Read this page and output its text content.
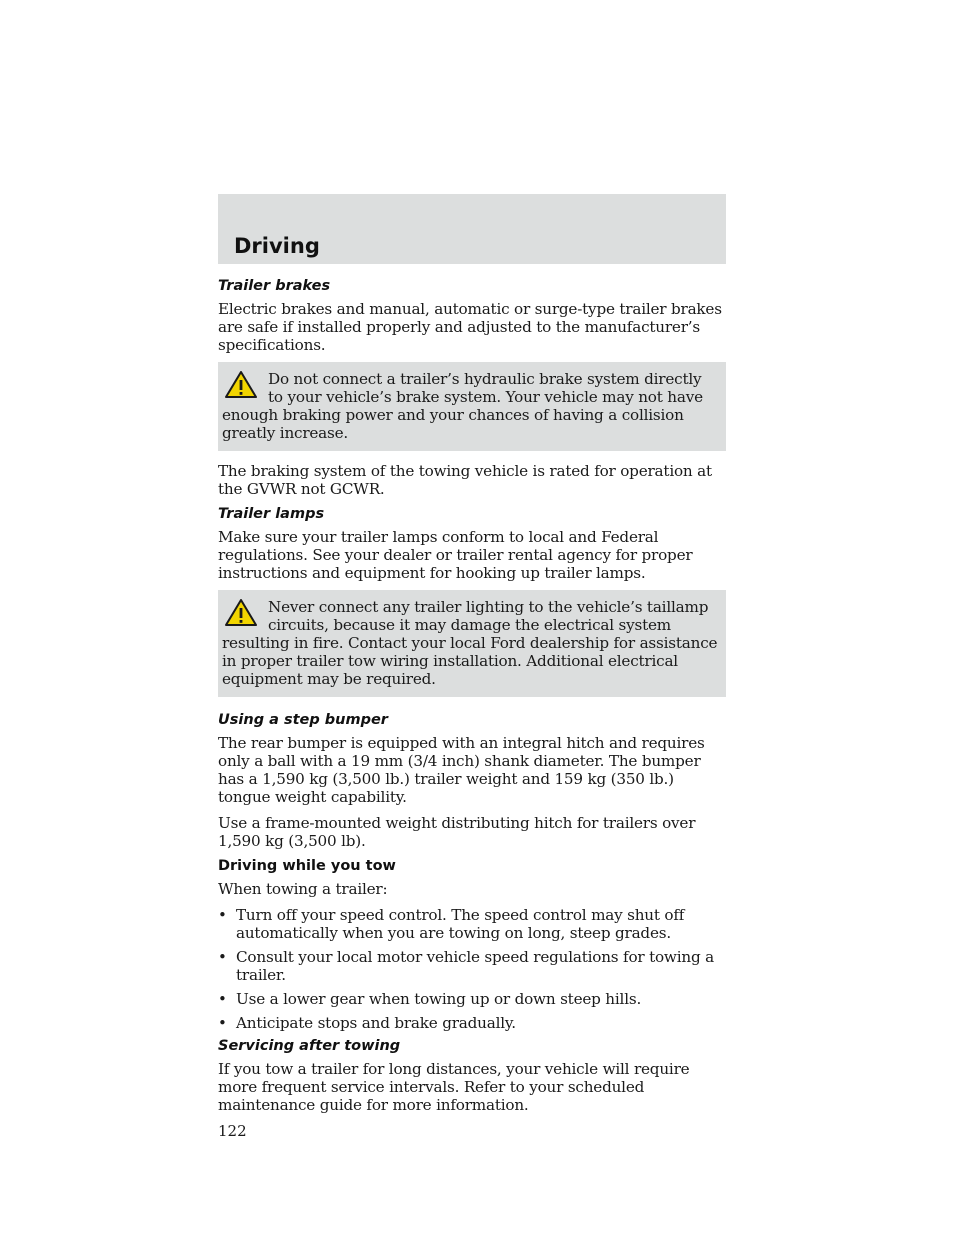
Driving
Trailer brakes

Electric brakes and manual, automatic or surge-type trailer brakes are safe if installed properly and adjusted to the manufacturer’s specifications.

Do not connect a trailer’s hydraulic brake system directly to your vehicle’s brake system. Your vehicle may not have enough braking power and your chances of having a collision greatly increase.

The braking system of the towing vehicle is rated for operation at the GVWR not GCWR.

Trailer lamps

Make sure your trailer lamps conform to local and Federal regulations. See your dealer or trailer rental agency for proper instructions and equipment for hooking up trailer lamps.

Never connect any trailer lighting to the vehicle’s taillamp circuits, because it may damage the electrical system resulting in fire. Contact your local Ford dealership for assistance in proper trailer tow wiring installation. Additional electrical equipment may be required.

Using a step bumper

The rear bumper is equipped with an integral hitch and requires only a ball with a 19 mm (3/4 inch) shank diameter. The bumper has a 1,590 kg (3,500 lb.) trailer weight and 159 kg (350 lb.) tongue weight capability.

Use a frame-mounted weight distributing hitch for trailers over 1,590 kg (3,500 lb).

Driving while you tow

When towing a trailer:

• Turn off your speed control. The speed control may shut off automatically when you are towing on long, steep grades.
• Consult your local motor vehicle speed regulations for towing a trailer.
• Use a lower gear when towing up or down steep hills.
• Anticipate stops and brake gradually.
Servicing after towing

If you tow a trailer for long distances, your vehicle will require more frequent service intervals. Refer to your scheduled maintenance guide for more information.

122
